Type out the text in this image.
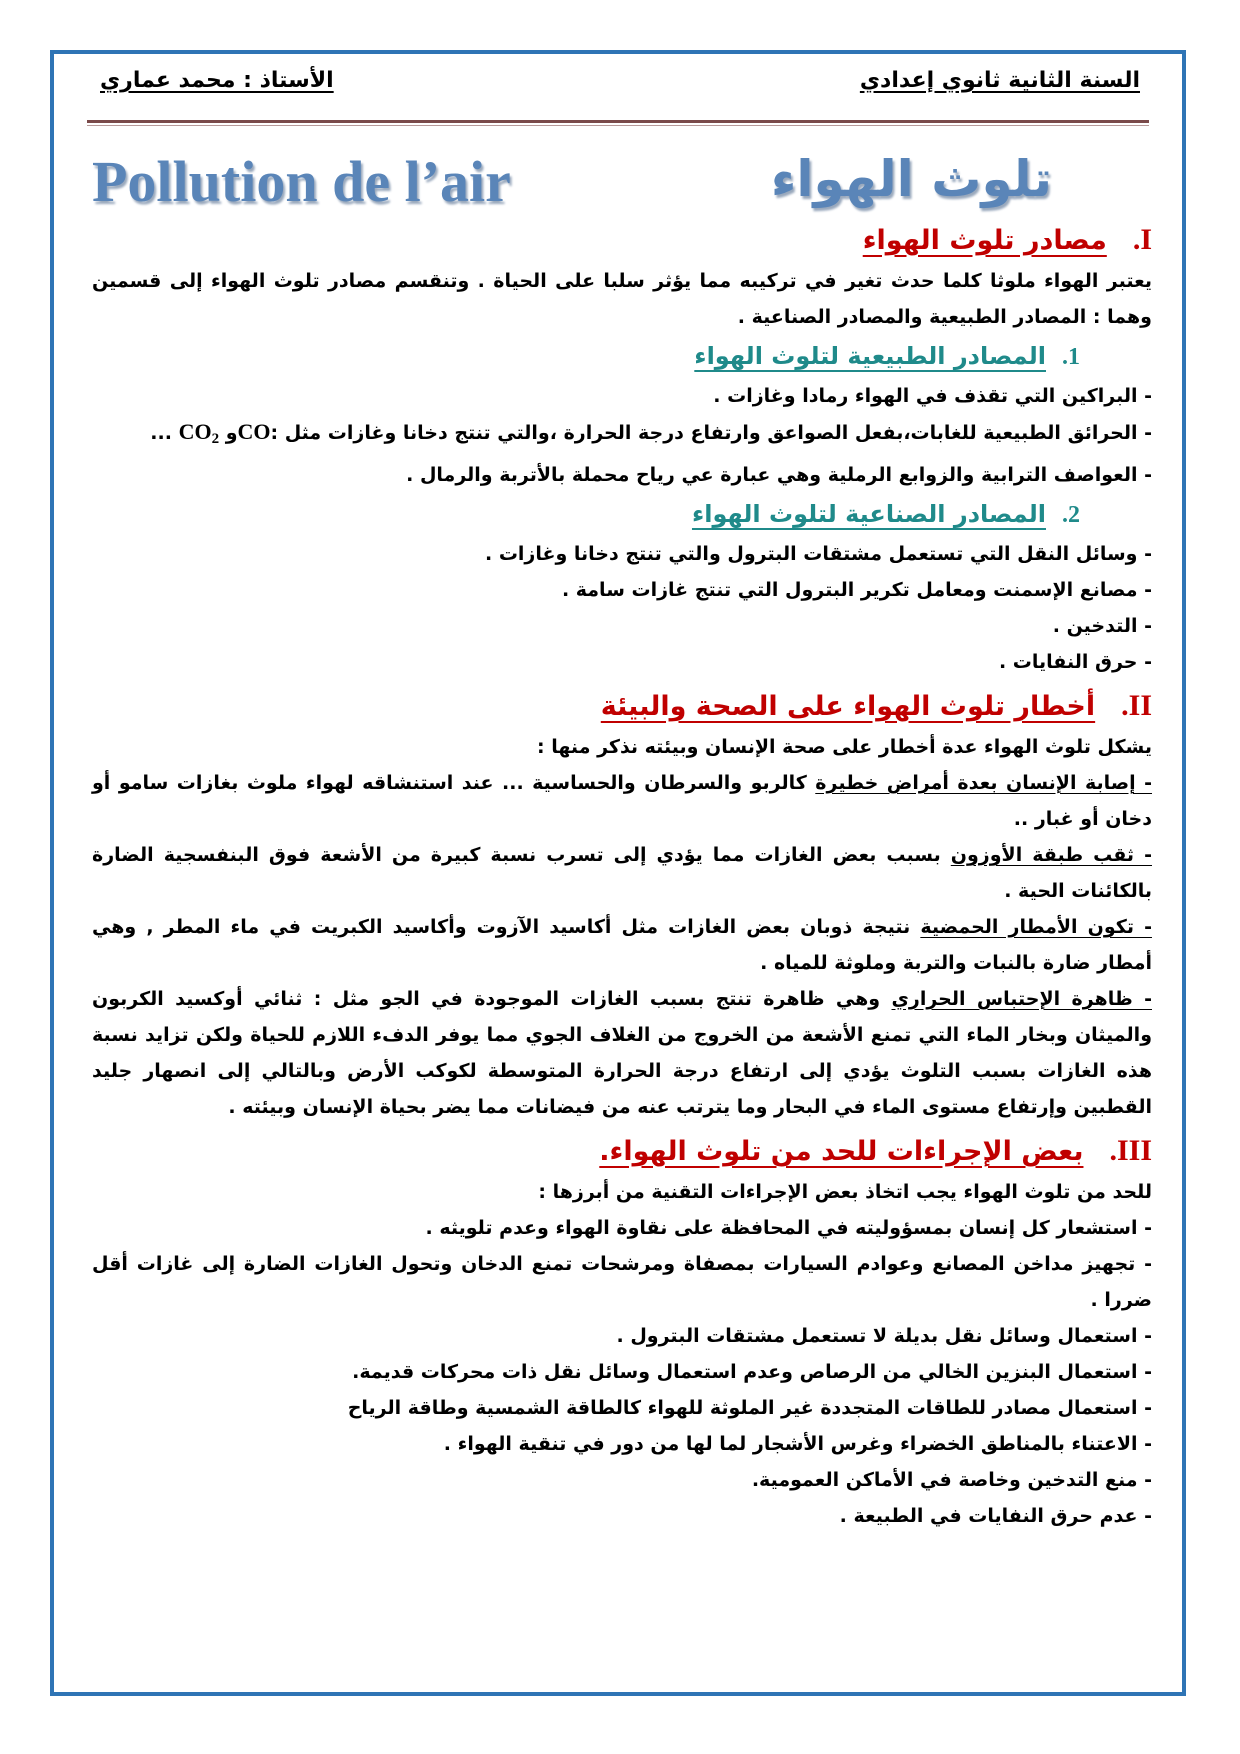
السنة الثانية ثانوي إعدادي
الأستاذ : محمد عماري
Pollution de l’air	تلوث الهواء
.Iمصادر تلوث الهواء

يعتبر الهواء ملوثا كلما حدث تغير في تركيبه مما يؤثر سلبا على الحياة . وتنقسم مصادر تلوث الهواء إلى قسمين وهما : المصادر الطبيعية والمصادر الصناعية .

.1المصادر الطبيعية لتلوث الهواء

- البراكين التي تقذف في الهواء رمادا وغازات .

- الحرائق الطبيعية للغابات،بفعل الصواعق وارتفاع درجة الحرارة ،والتي تنتج دخانا وغازات مثل :COو $CO_2$ ...

- العواصف الترابية والزوابع الرملية وهي عبارة عي رياح محملة بالأتربة والرمال .

.2المصادر الصناعية لتلوث الهواء

- وسائل النقل التي تستعمل مشتقات البترول والتي تنتج دخانا وغازات .

- مصانع الإسمنت ومعامل تكرير البترول التي تنتج غازات سامة .

- التدخين .

- حرق النفايات .

.IIأخطار تلوث الهواء على الصحة والبيئة

يشكل تلوث الهواء عدة أخطار على صحة الإنسان وبيئته نذكر منها :

- إصابة الإنسان بعدة أمراض خطيرة كالربو والسرطان والحساسية ... عند استنشاقه لهواء ملوث بغازات سامو أو دخان أو غبار ..

- ثقب طبقة الأوزون بسبب بعض الغازات مما يؤدي إلى تسرب نسبة كبيرة من الأشعة فوق البنفسجية الضارة بالكائنات الحية .

- تكون الأمطار الحمضية نتيجة ذوبان بعض الغازات مثل أكاسيد الآزوت وأكاسيد الكبريت في ماء المطر , وهي أمطار ضارة بالنبات والتربة وملوثة للمياه .

- ظاهرة الإحتباس الحراري وهي ظاهرة تنتج بسبب الغازات الموجودة في الجو مثل : ثنائي أوكسيد الكربون والميثان وبخار الماء التي تمنع الأشعة من الخروج من الغلاف الجوي مما يوفر الدفء اللازم للحياة ولكن تزايد نسبة هذه الغازات بسبب التلوث يؤدي إلى ارتفاع درجة الحرارة المتوسطة لكوكب الأرض وبالتالي إلى انصهار جليد القطبين وإرتفاع مستوى الماء في البحار وما يترتب عنه من فيضانات مما يضر بحياة الإنسان وبيئته .

.IIIبعض الإجراءات للحد من تلوث الهواء.

للحد من تلوث الهواء يجب اتخاذ بعض الإجراءات التقنية من أبرزها :

- استشعار كل إنسان بمسؤوليته في المحافظة على نقاوة الهواء وعدم تلويثه .

- تجهيز مداخن المصانع وعوادم السيارات بمصفاة ومرشحات تمنع الدخان وتحول الغازات الضارة إلى غازات أقل ضررا .

- استعمال وسائل نقل بديلة لا تستعمل مشتقات البترول .

- استعمال البنزين الخالي من الرصاص وعدم استعمال وسائل نقل ذات محركات قديمة.

- استعمال مصادر للطاقات المتجددة غير الملوثة للهواء كالطاقة الشمسية وطاقة الرياح

- الاعتناء بالمناطق الخضراء وغرس الأشجار لما لها من دور في تنقية الهواء .

- منع التدخين وخاصة في الأماكن العمومية.

- عدم حرق النفايات في الطبيعة .
